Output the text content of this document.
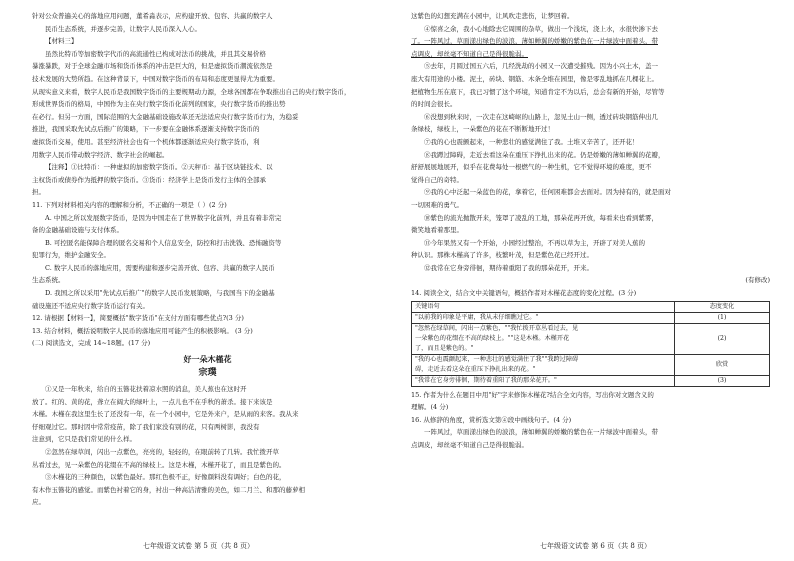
针对公众普遍关心的落地应用问题，董希淼表示，应构建开放、包容、共赢的数字人
民币生态系统，并逐步完善，让数字人民币深入人心。

【材料三】

虽然比特币等加密数字代币的高流通性已构成对法币的挑战，并且其交易价格
暴涨暴跌，对于全球金融市场和货币体系的冲击是巨大的，但是虚拟货币潮流依然是
技术发展的大势所趋。在这种背景下，中国对数字货币的布局和态度更显得尤为重要。
从现实意义来看，数字人民币是我国数字货币的主要规期动力源，全球各国都在争取推出自己的央行数字货币，
形成世界货币的格局，中国作为主在央行数字货币化前列的国家，央行数字货币的推出势
在必行。但另一方面，国际范围的大金融基础设施改革还无法适应央行数字货币行为，为稳妥
推进，我国采取先试点后推广的策略，下一步要在金融体系逐渐支持数字货币的
虚拟货币交易，使用。甚至经济社会也有一个机体都逐渐适应央行数字货币，利
用数字人民币带动数字经济、数字社会的崛起。

【注释】①比特币：一种虚拟的加密数字货币。②天秤币：基于区块链技术、以
主权货币或债券作为抵押的数字货币。③货币：经济学上是货币发行主体的全部承
担。

11. 下列对材料相关内容的理解和分析，不正确的一项是（ ）(2 分)

A. 中国之所以发展数字货币，是因为中国走在了世界数字化前列，并且有着非常完
备的金融基础设施与支付体系。

B. 可控匿名能保障合理的匿名交易和个人信息安全，防控和打击洗钱、恐怖融资等
犯罪行为，维护金融安全。

C. 数字人民币的落地应用，需要构建和逐步完善开放、包容、共赢的数字人民币
生态系统。

D. 我国之所以采用"先试点后推广"的数字人民币发展策略，与我国当下的金融基
础设施还不适应央行数字货币运行有关。

12. 请根据【材料一】，简要概括"数字货币"在支付方面有哪些优点?(3 分)

13. 结合材料，概括说明数字人民币的落地应用可能产生的积极影响。 (3 分)
(二) 阅读选文，完成 14~18题。(17 分)

好一朵木槿花

宗璞

①又是一年秋来，给自的玉簪花扶着凉水照的消息，美人蕉也在这时开
放了。红的、黄的花，聋立在阔大的绿叶上，一点儿也不在乎秋的萧杀。接下来该是
木槿。木槿在我这里生长了还没有一年，在一个小园中，它是外来户，是从雨的来客。我从来
仔细观过它。那时因中常常疫苗，除了我们家没有别的花，只有两树影，我没有
注意到，它只是我们常见的什么样。

②忽然在绿草间，闪出一点紫色，亮亮的，轻轻的，在眼前转了几转。我忙拨开草
丛看过去，见一朵紫色的花缀在不高的绿枝上。这是木槿，木槿开花了，而且是紫色的。

③木槿花的三种颜色，以紫色最好。那红色极不正，好像颜料没有调好；白色的花，
有木作玉簪花的感觉。而紫色衬着它的身，衬出一种高洁清雅的美色，如二月兰、和那的藤萝相
应。

七年级语文试卷 第 5 页（共 8 页）

这紫色的幻想充满在小园中，让风吹走悲伤，让梦回着。

④惊喜之余，我小心地除去它周围的杂草，做出一个浅坑，浇上水，水很快渗下去
了。一阵风过，草面漾出绿色的波浪，薄如蝉翼的娇嫩的紫色在一片绿波中面着头，带
点调皮，却丝毫不知道自己是得很脆弱。

⑤去年，月圆过国五六后，几经洗劫的小园又一次遭受摧残。因为小兴土木，盖一
座大有用途的小楼。泥土，砖块、钢筋、木条全堆在园里，像是零乱地抓在几棵花上。
把植物生压在底下，我已习惯了这个环境，知道肯定不为以后，总会有新的开始，尽管等
的时间会很长。

⑥没想到秋来时，一次走在这崎岖的山路上，忽见土山一侧，透过砖块钢筋伸出几
条绿枝，绿枝上，一朵紫色的花在不断断地开过！

⑦我的心也震颤起来，一种悲壮的感觉满住了我。土堆又辛苦了，还开花！

⑧我蹲过障碍，走近去看这朵在重压下挣扎出来的花。仍是娇嫩的薄如蝉翼的花瓣，
舒舒展展地展开，似乎在花费每处一根燃气的一种生机，它不觉得环境的难度，更不
觉得自己的奇特。

⑨我的心中泛起一朵蓝色的花，拿着它，任何困难都会去面对。因为持有的，就是面对
一切困难的勇气。

⑩紫色的流光抛散开来，笼罩了凌乱的工地，那朵花再开放，每看来也看到紫雾，
微笑地看着那里。

⑪今年果然又有一个开始，小园经过整治，不再以草为主，开辟了对美人蕉的
种认识。那株木槿高了许多，枝繁叶茂，但是紫色花已经开过。

⑫我常在它身旁徘徊，期待着重阳了我的那朵花开，开来。

(有修改)

14. 阅读全文，结合文中关键语句，概括作者对木槿花态度的变化过程。(3 分)

关键语句	态度变化
"以前我的印象是平庸，我从未仔细瞧过它。"	(1)
"忽然在绿草间，闪出一点紫色，""我忙拨开草丛看过去，见
一朵紫色的花缀在不高的绿枝上。""这是木槿。木槿开花
了，而且是紫色的。"	(2)
"我的心也震颤起来，一种悲壮的感觉满住了我""我跨过障碍
碍，走近去看这朵在重压下挣扎出来的花。"	欣赏
"我常在它身旁徘徊，期待着重阳了我的那朵花开。"	(3)

15. 作者为什么在题目中用"好"字来修饰木槿花?结合全文内容，写出你对文题含义的
理解。(4 分)

16. 从修辞的角度，赏析选文第④段中画线句子。(4 分)

一阵风过，草面漾出绿色的波浪，薄如蝉翼的娇嫩的紫色在一片绿波中面着头，带
点调皮，却丝毫不知道自己是得很脆弱。

七年级语文试卷 第 6 页（共 8 页）
